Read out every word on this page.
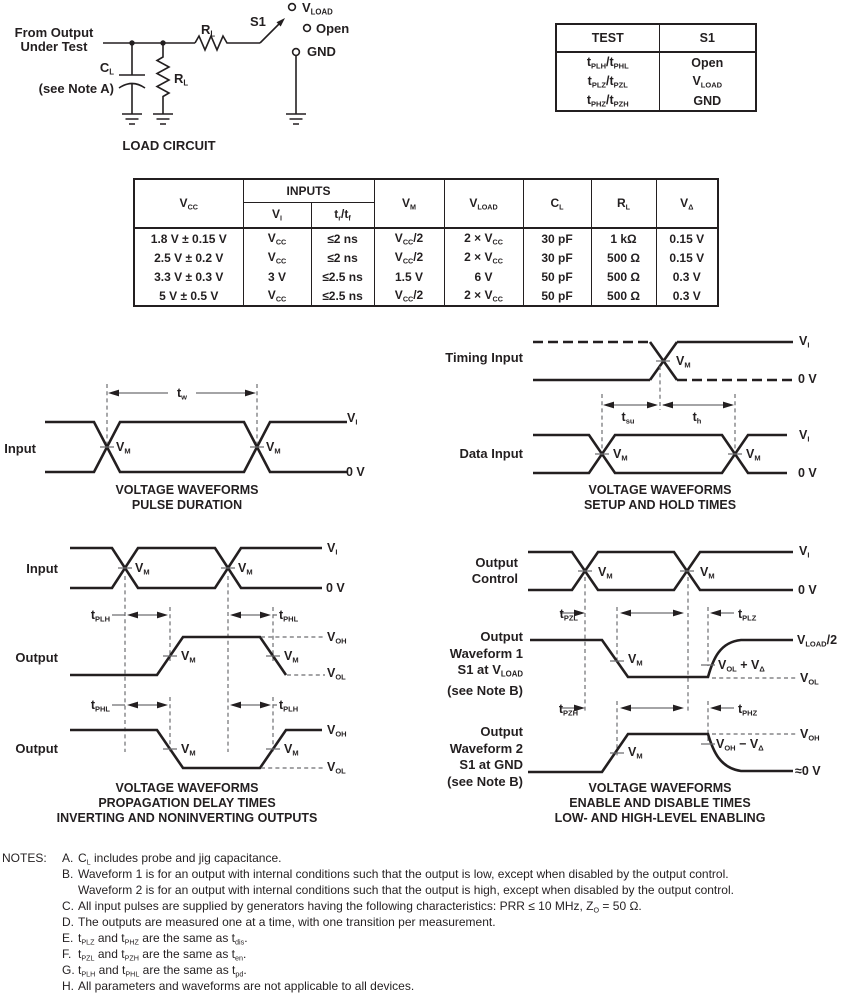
From Output
Under Test
$C_L$
(see Note A)
$R_L$
S1
$V_{LOAD}$
Open
GND
$R_L$
LOAD CIRCUIT
TEST	S1
$t_{PLH}/t_{PHL}$	Open
$t_{PLZ}/t_{PZL}$	$V_{LOAD}$
$t_{PHZ}/t_{PZH}$	GND
$V_{CC}$	INPUTS		$V_M$	$V_{LOAD}$	$C_L$	$R_L$	$V_\Delta$
	$V_I$	$t_r/t_f$
1.8 V ± 0.15 V	$V_{CC}$	≤2 ns	$V_{CC}/2$	$2 \times V_{CC}$	30 pF	1 kΩ	0.15 V
2.5 V ± 0.2 V	$V_{CC}$	≤2 ns	$V_{CC}/2$	$2 \times V_{CC}$	30 pF	500 Ω	0.15 V
3.3 V ± 0.3 V	3 V	≤2.5 ns	1.5 V	6 V	50 pF	500 Ω	0.3 V
5 V ± 0.5 V	$V_{CC}$	≤2.5 ns	$V_{CC}/2$	$2 \times V_{CC}$	50 pF	500 Ω	0.3 V
Input
$t_w$
$V_M$	$V_M$
$V_I$
0 V
VOLTAGE WAVEFORMS
PULSE DURATION
Timing Input
Data Input
$t_{su}$	$t_h$
$V_M$
$V_M$	$V_M$
$V_I$
0 V
$V_I$
0 V
VOLTAGE WAVEFORMS
SETUP AND HOLD TIMES
Input
Output
Output
$t_{PLH}$	$t_{PHL}$
$t_{PHL}$	$t_{PLH}$
$V_M$	$V_M$
$V_M$	$V_M$
$V_M$	$V_M$
$V_I$
0 V
$V_{OH}$
$V_{OL}$
$V_{OH}$
$V_{OL}$
VOLTAGE WAVEFORMS
PROPAGATION DELAY TIMES
INVERTING AND NONINVERTING OUTPUTS
Output
Control
Output
Waveform 1
S1 at $V_{LOAD}$
(see Note B)
Output
Waveform 2
S1 at GND
(see Note B)
$t_{PZL}$	$t_{PLZ}$
$t_{PZH}$	$t_{PHZ}$
$V_M$	$V_M$
$V_M$
$V_M$
$V_{OL} + V_\Delta$
$V_{OH} - V_\Delta$
$V_I$
0 V
$V_{LOAD}/2$
$V_{OL}$
$V_{OH}$
≈0 V
VOLTAGE WAVEFORMS
ENABLE AND DISABLE TIMES
LOW- AND HIGH-LEVEL ENABLING
NOTES: A. $C_L$ includes probe and jig capacitance.
B. Waveform 1 is for an output with internal conditions such that the output is low, except when disabled by the output control.
Waveform 2 is for an output with internal conditions such that the output is high, except when disabled by the output control.
C. All input pulses are supplied by generators having the following characteristics: PRR ≤ 10 MHz, $Z_O = 50$ Ω.
D. The outputs are measured one at a time, with one transition per measurement.
E. $t_{PLZ}$ and $t_{PHZ}$ are the same as $t_{dis}$.
F. $t_{PZL}$ and $t_{PZH}$ are the same as $t_{en}$.
G. $t_{PLH}$ and $t_{PHL}$ are the same as $t_{pd}$.
H. All parameters and waveforms are not applicable to all devices.
